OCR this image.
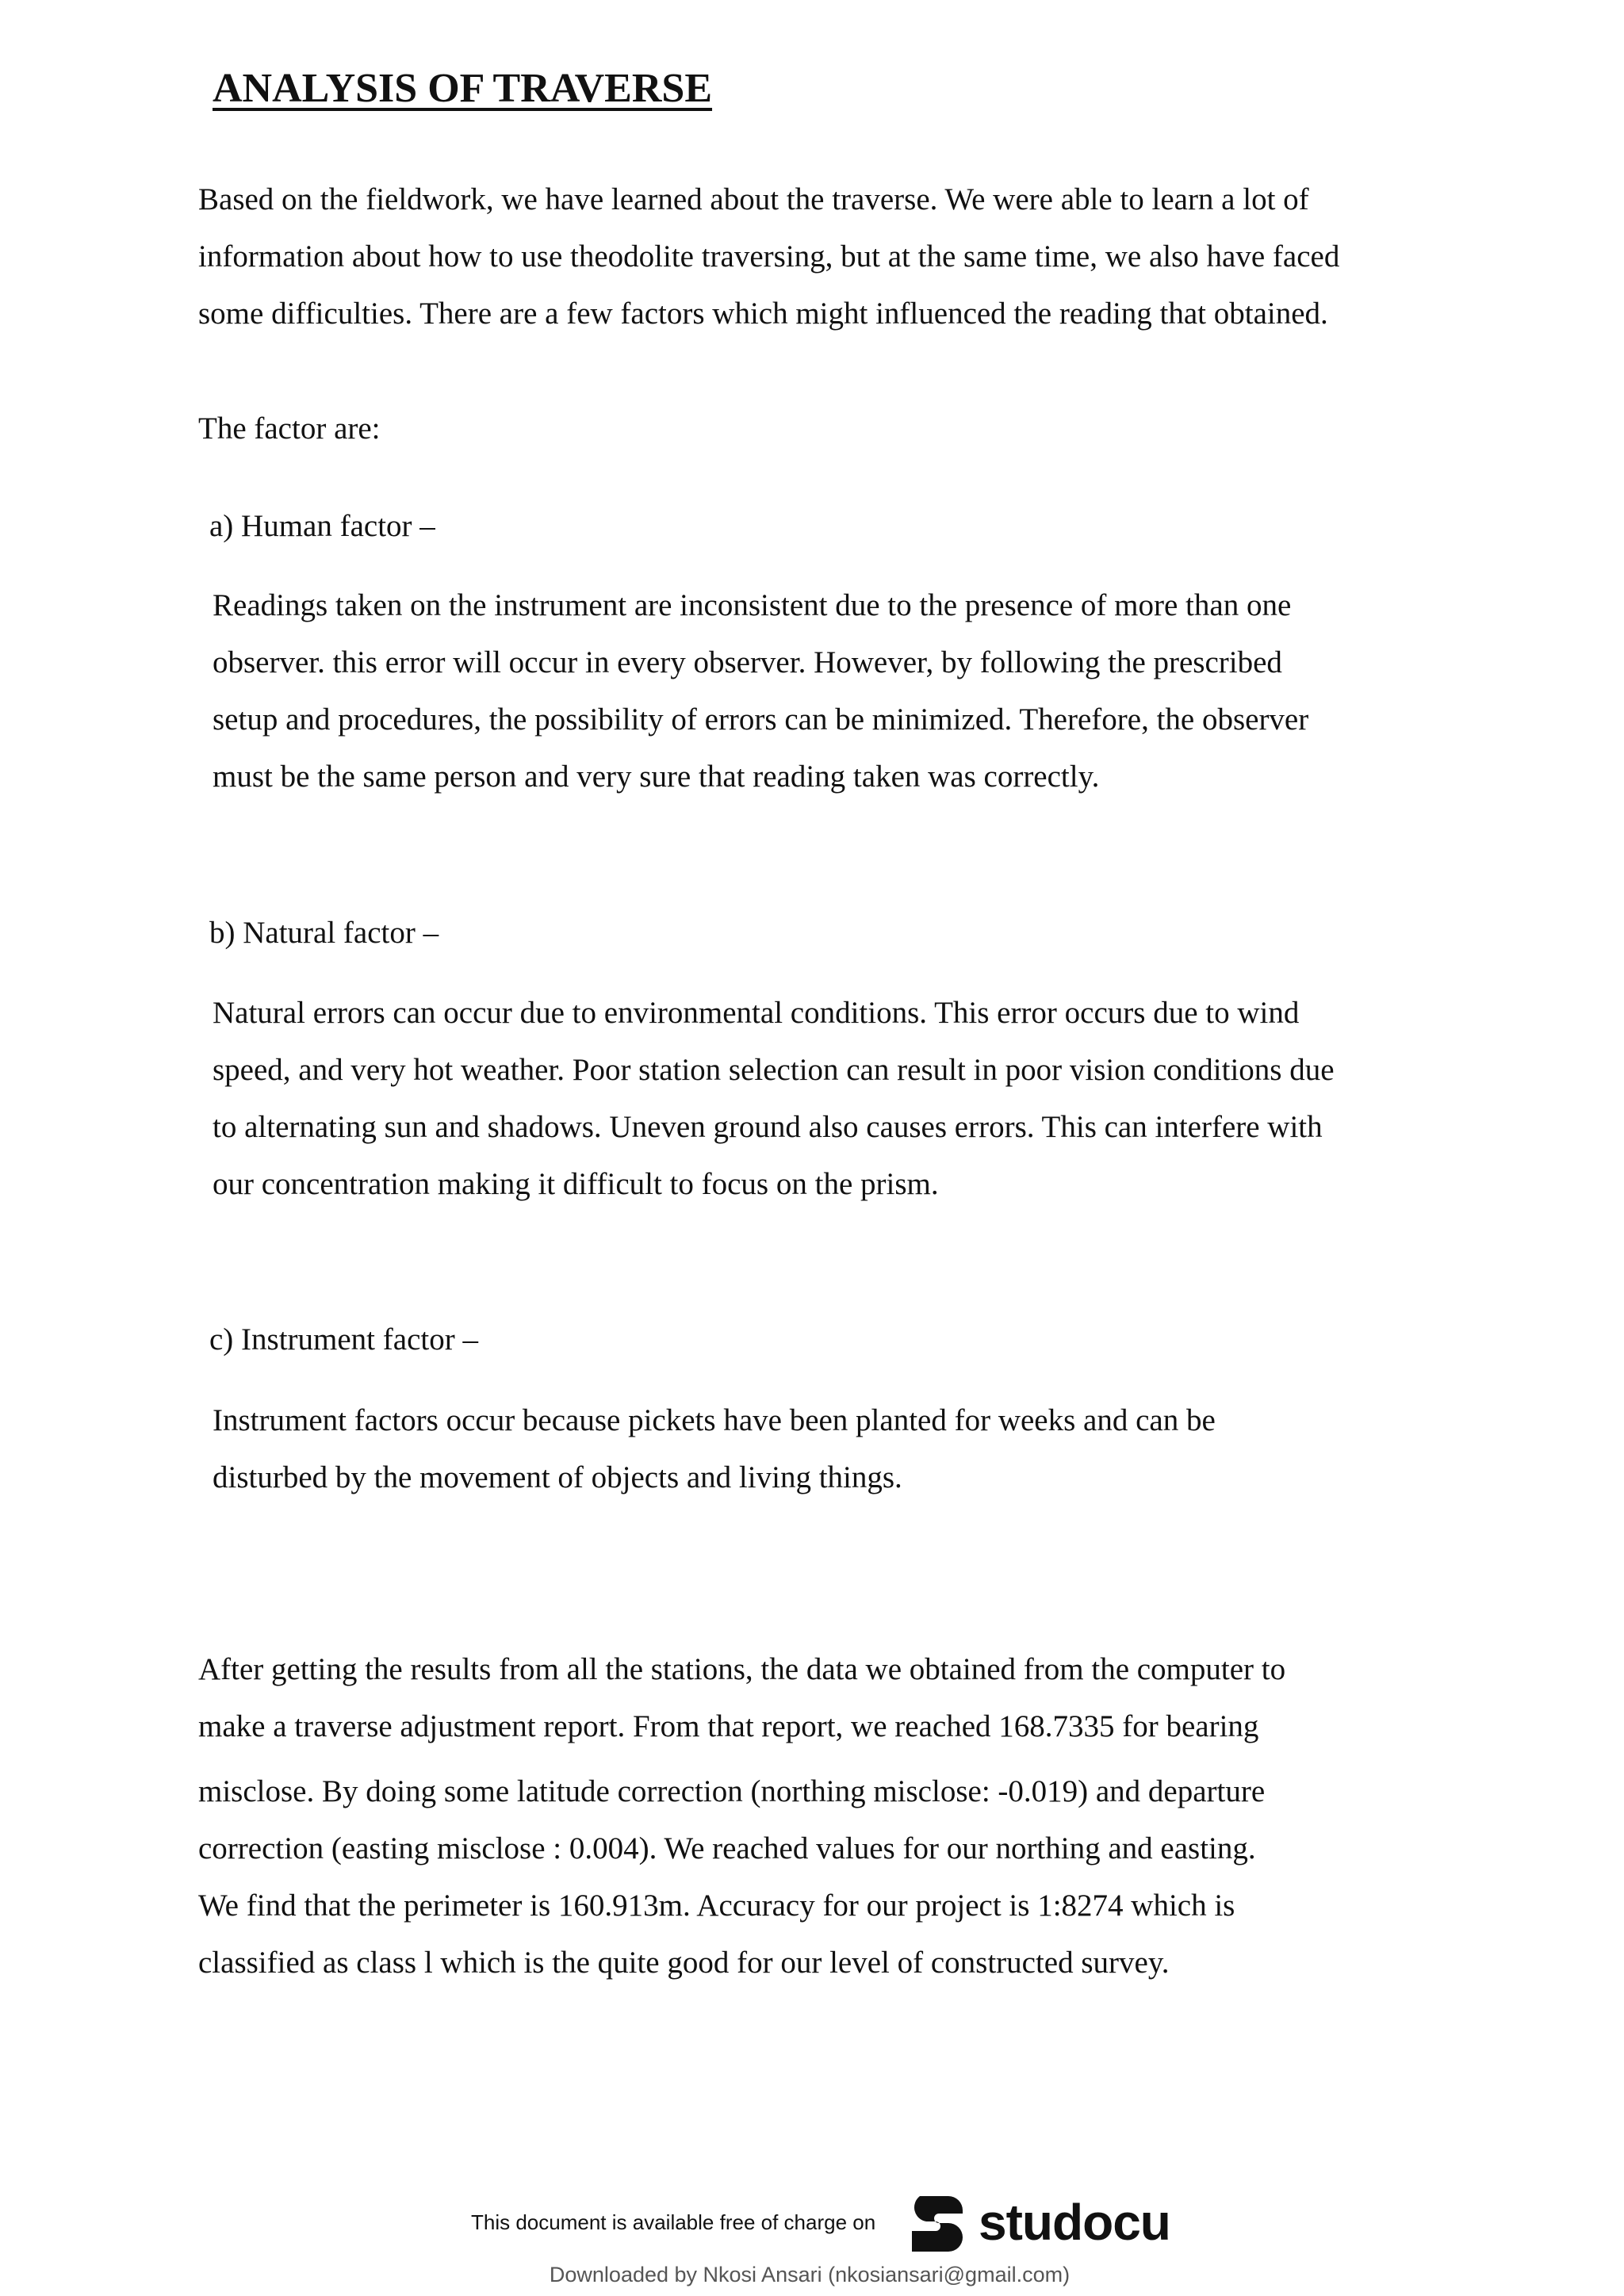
ANALYSIS OF TRAVERSE

Based on the fieldwork, we have learned about the traverse. We were able to learn a lot of
information about how to use theodolite traversing, but at the same time, we also have faced
some difficulties. There are a few factors which might influenced the reading that obtained.

The factor are:

a) Human factor –

Readings taken on the instrument are inconsistent due to the presence of more than one
observer. this error will occur in every observer. However, by following the prescribed
setup and procedures, the possibility of errors can be minimized. Therefore, the observer
must be the same person and very sure that reading taken was correctly.

b) Natural factor –

Natural errors can occur due to environmental conditions. This error occurs due to wind
speed, and very hot weather. Poor station selection can result in poor vision conditions due
to alternating sun and shadows. Uneven ground also causes errors. This can interfere with
our concentration making it difficult to focus on the prism.

c) Instrument factor –

Instrument factors occur because pickets have been planted for weeks and can be
disturbed by the movement of objects and living things.

After getting the results from all the stations, the data we obtained from the computer to
make a traverse adjustment report. From that report, we reached 168.7335 for bearing
misclose. By doing some latitude correction (northing misclose: -0.019) and departure
correction (easting misclose : 0.004). We reached values for our northing and easting.
We find that the perimeter is 160.913m. Accuracy for our project is 1:8274 which is
classified as class l which is the quite good for our level of constructed survey.

This document is available free of charge on studocu
Downloaded by Nkosi Ansari (nkosiansari@gmail.com)
